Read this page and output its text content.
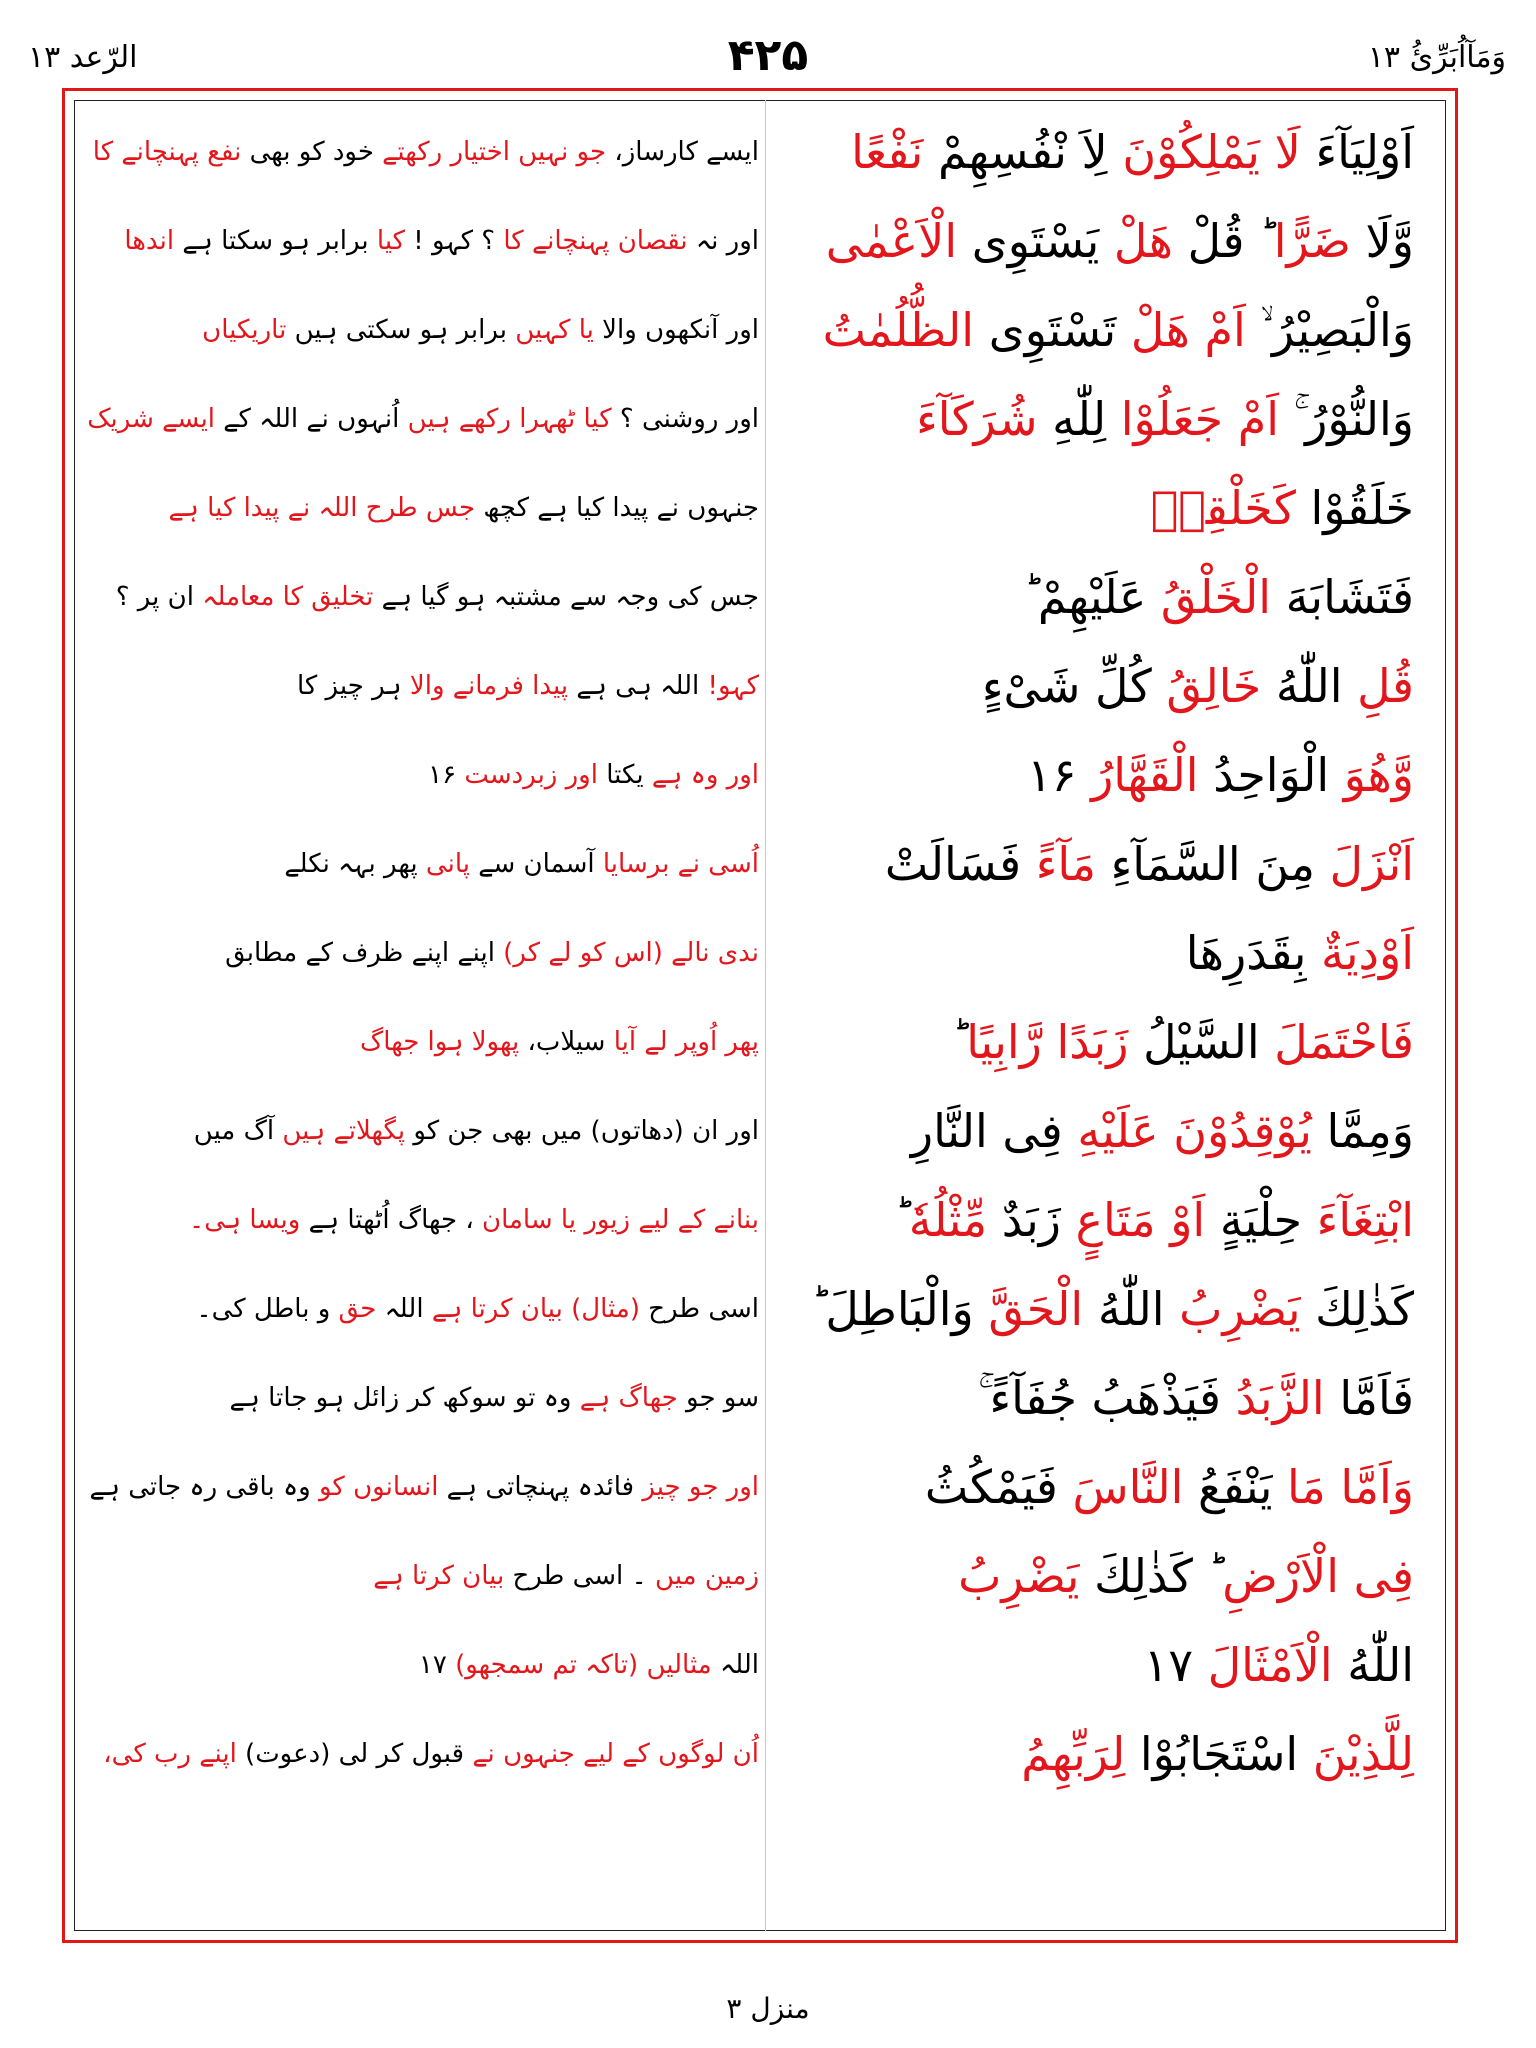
الرّعد ۱۳	۴۲۵	وَمَآاُبَرِّئُ ۱۳
اَوْلِيَآءَ لَا يَمْلِكُوْنَ لِاَ نْفُسِهِمْ نَفْعًا
ایسے کارساز، جو نہیں اختیار رکھتے خود کو بھی نفع پہنچانے کا
وَّلَا ضَرًّا ؕ قُلْ هَلْ يَسْتَوِى الْاَعْمٰى
اور نہ نقصان پہنچانے کا ؟ کہو ! کیا برابر ہو سکتا ہے اندھا
وَالْبَصِيْرُ ۙ اَمْ هَلْ تَسْتَوِى الظُّلُمٰتُ
اور آنکھوں والا یا کہیں برابر ہو سکتی ہیں تاریکیاں
وَالنُّوْرُ ۚ اَمْ جَعَلُوْا لِلّٰهِ شُرَكَآءَ
اور روشنی ؟ کیا ٹھہرا رکھے ہیں اُنہوں نے اللہ کے ایسے شریک
خَلَقُوْا كَخَلْقِهٖ
جنہوں نے پیدا کیا ہے کچھ جس طرح اللہ نے پیدا کیا ہے
فَتَشَابَهَ الْخَلْقُ عَلَيْهِمْ ؕ
جس کی وجہ سے مشتبہ ہو گیا ہے تخلیق کا معاملہ ان پر ؟
قُلِ اللّٰهُ خَالِقُ كُلِّ شَىْءٍ
کہو! اللہ ہی ہے پیدا فرمانے والا ہر چیز کا
وَّهُوَ الْوَاحِدُ الْقَهَّارُ ۱۶
اور وہ ہے یکتا اور زبردست ۱۶
اَنْزَلَ مِنَ السَّمَآءِ مَآءً فَسَالَتْ
اُسی نے برسایا آسمان سے پانی پھر بہہ نکلے
اَوْدِيَةٌ بِقَدَرِهَا
ندی نالے (اس کو لے کر) اپنے اپنے ظرف کے مطابق
فَاحْتَمَلَ السَّيْلُ زَبَدًا رَّابِيًا ؕ
پھر اُوپر لے آیا سیلاب، پھولا ہوا جھاگ
وَمِمَّا يُوْقِدُوْنَ عَلَيْهِ فِى النَّارِ
اور ان (دھاتوں) میں بھی جن کو پگھلاتے ہیں آگ میں
ابْتِغَآءَ حِلْيَةٍ اَوْ مَتَاعٍ زَبَدٌ مِّثْلُهٗ ؕ
بنانے کے لیے زیور یا سامان ، جھاگ اُٹھتا ہے ویسا ہی۔
كَذٰلِكَ يَضْرِبُ اللّٰهُ الْحَقَّ وَالْبَاطِلَ ؕ
اسی طرح (مثال) بیان کرتا ہے اللہ حق و باطل کی۔
فَاَمَّا الزَّبَدُ فَيَذْهَبُ جُفَآءً ۚ
سو جو جھاگ ہے وہ تو سوکھ کر زائل ہو جاتا ہے
وَاَمَّا مَا يَنْفَعُ النَّاسَ فَيَمْكُثُ
اور جو چیز فائدہ پہنچاتی ہے انسانوں کو وہ باقی رہ جاتی ہے
فِى الْاَرْضِ ؕ كَذٰلِكَ يَضْرِبُ
زمین میں ۔ اسی طرح بیان کرتا ہے
اللّٰهُ الْاَمْثَالَ ۱۷
اللہ مثالیں (تاکہ تم سمجھو) ۱۷
لِلَّذِيْنَ اسْتَجَابُوْا لِرَبِّهِمُ
اُن لوگوں کے لیے جنہوں نے قبول کر لی (دعوت) اپنے رب کی،
منزل ۳
